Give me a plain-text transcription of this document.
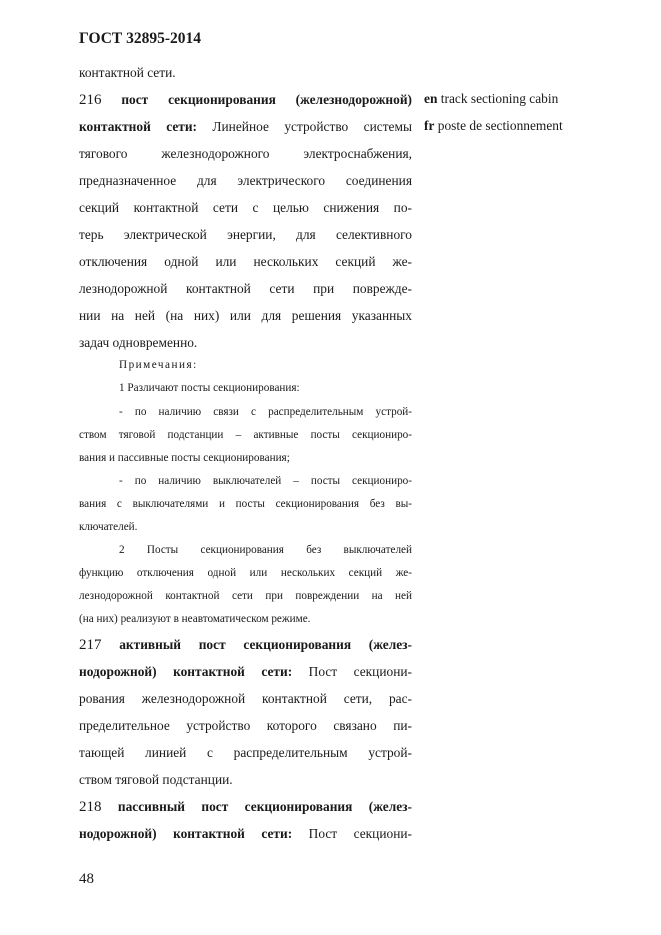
ГОСТ 32895-2014
контактной сети.
216 пост секционирования (железнодорожной)
контактной сети: Линейное устройство системы
тягового железнодорожного электроснабжения,
предназначенное для электрического соединения
секций контактной сети с целью снижения по-
терь электрической энергии, для селективного
отключения одной или нескольких секций же-
лезнодорожной контактной сети при поврежде-
нии на ней (на них) или для решения указанных
задач одновременно.
Примечания:
1 Различают посты секционирования:
- по наличию связи с распределительным устрой-
ством тяговой подстанции – активные посты секциониро-
вания и пассивные посты секционирования;
- по наличию выключателей – посты секциониро-
вания с выключателями и посты секционирования без вы-
ключателей.
2 Посты секционирования без выключателей
функцию отключения одной или нескольких секций же-
лезнодорожной контактной сети при повреждении на ней
(на них) реализуют в неавтоматическом режиме.
217 активный пост секционирования (желез-
нодорожной) контактной сети: Пост секциони-
рования железнодорожной контактной сети, рас-
пределительное устройство которого связано пи-
тающей линией с распределительным устрой-
ством тяговой подстанции.
218 пассивный пост секционирования (желез-
нодорожной) контактной сети: Пост секциони-
en track sectioning cabin
fr poste de sectionnement
48
